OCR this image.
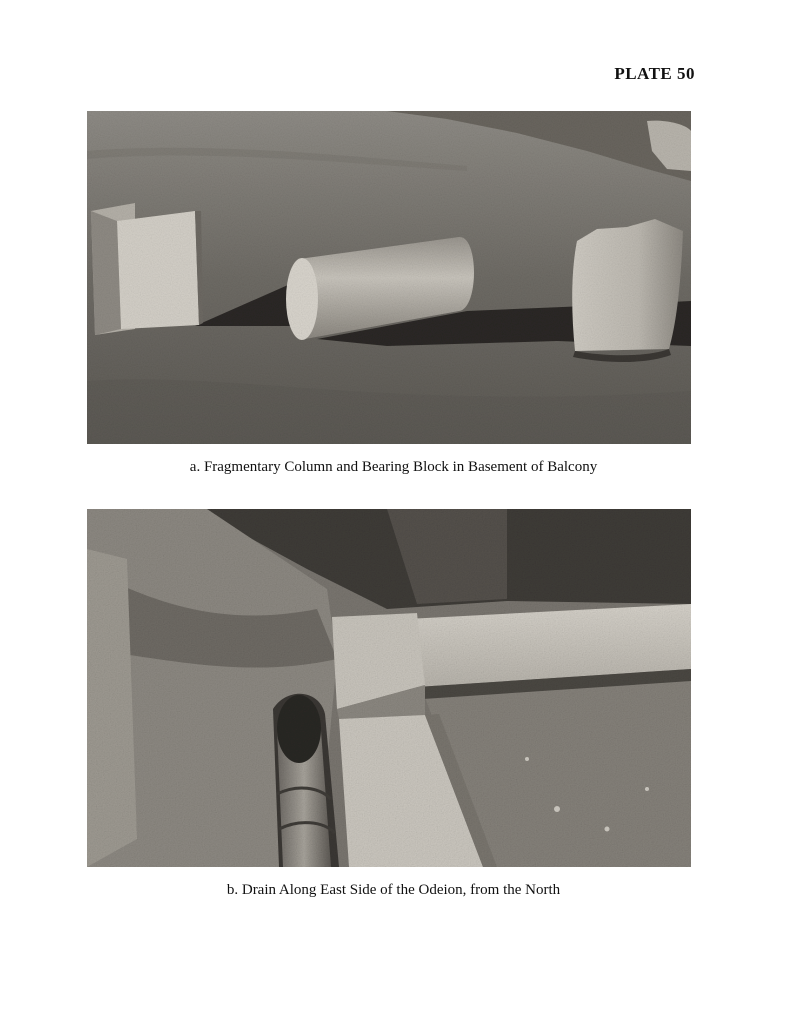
PLATE 50
a. Fragmentary Column and Bearing Block in Basement of Balcony
b. Drain Along East Side of the Odeion, from the North
